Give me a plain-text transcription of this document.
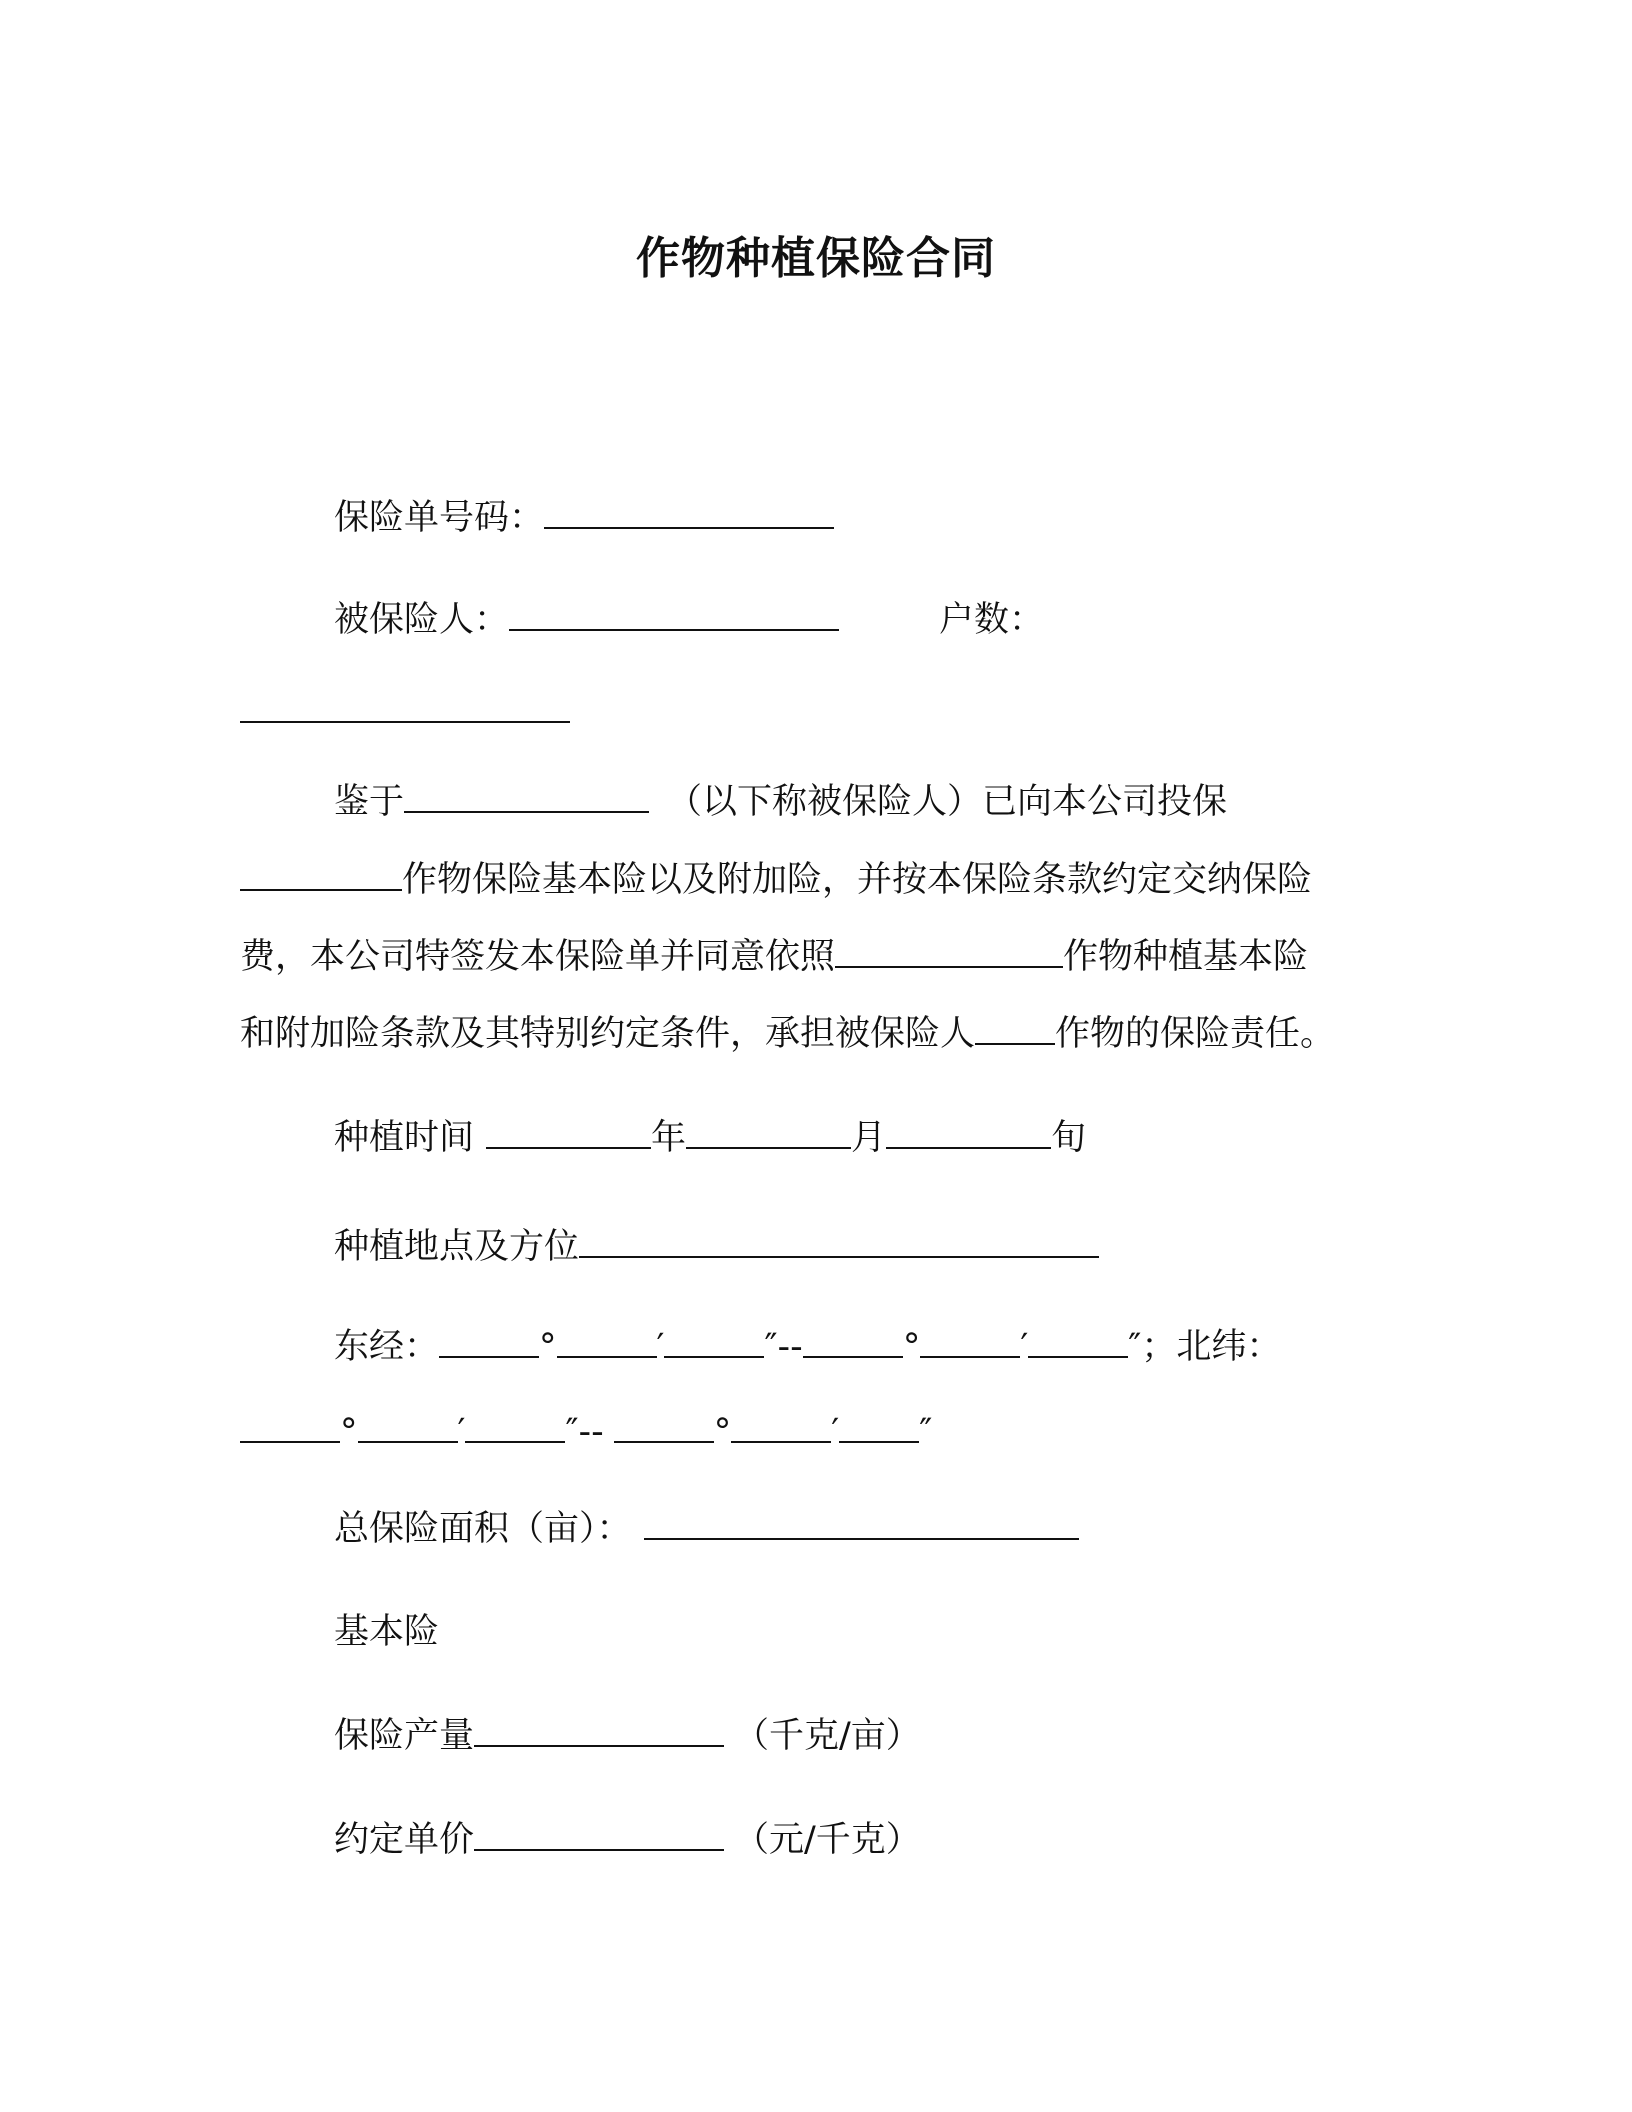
作物种植保险合同
保险单号码：
被保险人：	户数：
鉴于	（以下称被保险人）已向本公司投保
作物保险基本险以及附加险，并按本保险条款约定交纳保险
费，本公司特签发本保险单并同意依照	作物种植基本险
和附加险条款及其特别约定条件，承担被保险人 作物的保险责任。
种植时间	年	月	旬
种植地点及方位
东经：	°	′	″--	°	′	″；北纬：
°	′	″--	°	′ ″
总保险面积（亩）：
基本险
保险产量	（千克/亩）
约定单价	（元/千克）
